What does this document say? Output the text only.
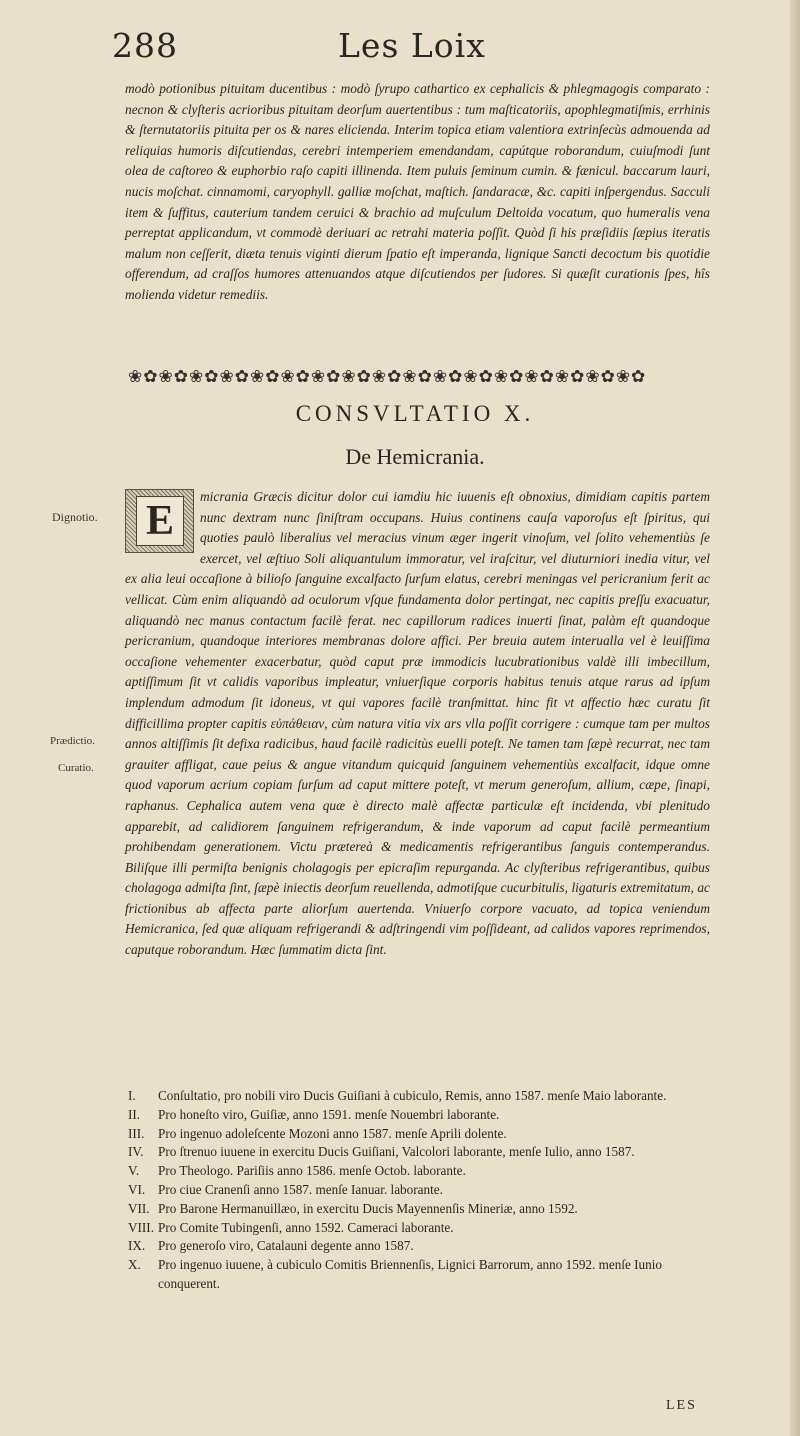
288	Les Loix

modò potionibus pituitam ducentibus : modò ſyrupo cathartico ex cephalicis & phlegmagogis comparato : necnon & clyſteris acrioribus pituitam deorſum auertentibus : tum maſticatoriis, apophlegmatiſmis, errhinis & ſternutatoriis pituita per os & nares elicienda. Interim topica etiam valentiora extrinſecùs admouenda ad reliquias humoris diſcutiendas, cerebri intemperiem emendandam, capútque roborandum, cuiuſmodi ſunt olea de caſtoreo & euphorbio raſo capiti illinenda. Item puluis ſeminum cumin. & fænicul. baccarum lauri, nucis moſchat. cinnamomi, caryophyll. galliæ moſchat, maſtich. ſandaracæ, &c. capiti inſpergendus. Sacculi item & ſuffitus, cauterium tandem ceruici & brachio ad muſculum Deltoida vocatum, quo humeralis vena perreptat applicandum, vt commodè deriuari ac retrahi materia poſſit. Quòd ſi his præſidiis ſæpius iteratis malum non ceſſerit, diæta tenuis viginti dierum ſpatio eſt imperanda, lignique Sancti decoctum bis quotidie offerendum, ad craſſos humores attenuandos atque diſcutiendos per ſudores. Si quæſit curationis ſpes, hîs molienda videtur remediis.

❀✿❀✿❀✿❀✿❀✿❀✿❀✿❀✿❀✿❀✿❀✿❀✿❀✿❀✿❀✿❀✿❀✿
CONSVLTATIO X.
De Hemicrania.

E
micrania Græcis dicitur dolor cui iamdiu hic iuuenis eſt obnoxius, dimidiam capitis partem nunc dextram nunc ſiniſtram occupans. Huius continens cauſa vaporoſus eſt ſpiritus, qui quoties paulò liberalius vel meracius vinum æger ingerit vinoſum, vel ſolito vehementiùs ſe exercet, vel æſtiuo Soli aliquantulum immoratur, vel iraſcitur, vel diuturniori inedia vitur, vel ex alia leui occaſione à bilioſo ſanguine excalfacto ſurſum elatus, cerebri meningas vel pericranium ferit ac vellicat. Cùm enim aliquandò ad oculorum vſque fundamenta dolor pertingat, nec capitis preſſu exacuatur, aliquandò nec manus contactum facilè ferat. nec capillorum radices inuerti ſinat, palàm eſt quandoque pericranium, quandoque interiores membranas dolore affici. Per breuia autem interualla vel è leuiſſima occaſione vehementer exacerbatur, quòd caput præ immodicis lucubrationibus valdè illi imbecillum, aptiſſimum ſit vt calidis vaporibus impleatur, vniuerſique corporis habitus tenuis atque rarus ad ipſum implendum admodum ſit idoneus, vt qui vapores facilè tranſmittat. hinc fit vt affectio hæc curatu ſit difficillima propter capitis εὐπάθειαν, cùm natura vitia vix ars vlla poſſit corrigere : cumque tam per multos annos altiſſimis ſit defixa radicibus, haud facilè radicitùs euelli poteſt. Ne tamen tam ſæpè recurrat, nec tam grauiter affligat, caue peius & angue vitandum quicquid ſanguinem vehementiùs excalfacit, idque omne quod vaporum acrium copiam ſurſum ad caput mittere poteſt, vt merum generoſum, allium, cæpe, ſinapi, raphanus. Cephalica autem vena quæ è directo malè affectæ particulæ eſt incidenda, vbi plenitudo apparebit, ad calidiorem ſanguinem refrigerandum, & inde vaporum ad caput facilè permeantium prohibendam generationem. Victu prætereà & medicamentis refrigerantibus ſanguis contemperandus. Biliſque illi permiſta benignis cholagogis per epicraſim repurganda. Ac clyſteribus refrigerantibus, quibus cholagoga admiſta ſint, ſæpè iniectis deorſum reuellenda, admotiſque cucurbitulis, ligaturis extremitatum, ac frictionibus ab affecta parte aliorſum auertenda. Vniuerſo corpore vacuato, ad topica veniendum Hemicranica, ſed quæ aliquam refrigerandi & adſtringendi vim poſſideant, ad calidos vapores reprimendos, caputque roborandum. Hæc ſummatim dicta ſint.

Dignotio.
Prædictio.
Curatio.
I. Conſultatio, pro nobili viro Ducis Guiſiani à cubiculo, Remis, anno 1587. menſe Maio laborante.
II. Pro honeſto viro, Guiſiæ, anno 1591. menſe Nouembri laborante.
III. Pro ingenuo adoleſcente Mozoni anno 1587. menſe Aprili dolente.
IV. Pro ſtrenuo iuuene in exercitu Ducis Guiſiani, Valcolori laborante, menſe Iulio, anno 1587.
V. Pro Theologo. Pariſiis anno 1586. menſe Octob. laborante.
VI. Pro ciue Cranenſi anno 1587. menſe Ianuar. laborante.
VII. Pro Barone Hermanuillæo, in exercitu Ducis Mayennenſis Mineriæ, anno 1592.
VIII. Pro Comite Tubingenſi, anno 1592. Cameraci laborante.
IX. Pro generoſo viro, Catalauni degente anno 1587.
X. Pro ingenuo iuuene, à cubiculo Comitis Briennenſis, Lignici Barrorum, anno 1592. menſe Iunio conquerent.
LES
